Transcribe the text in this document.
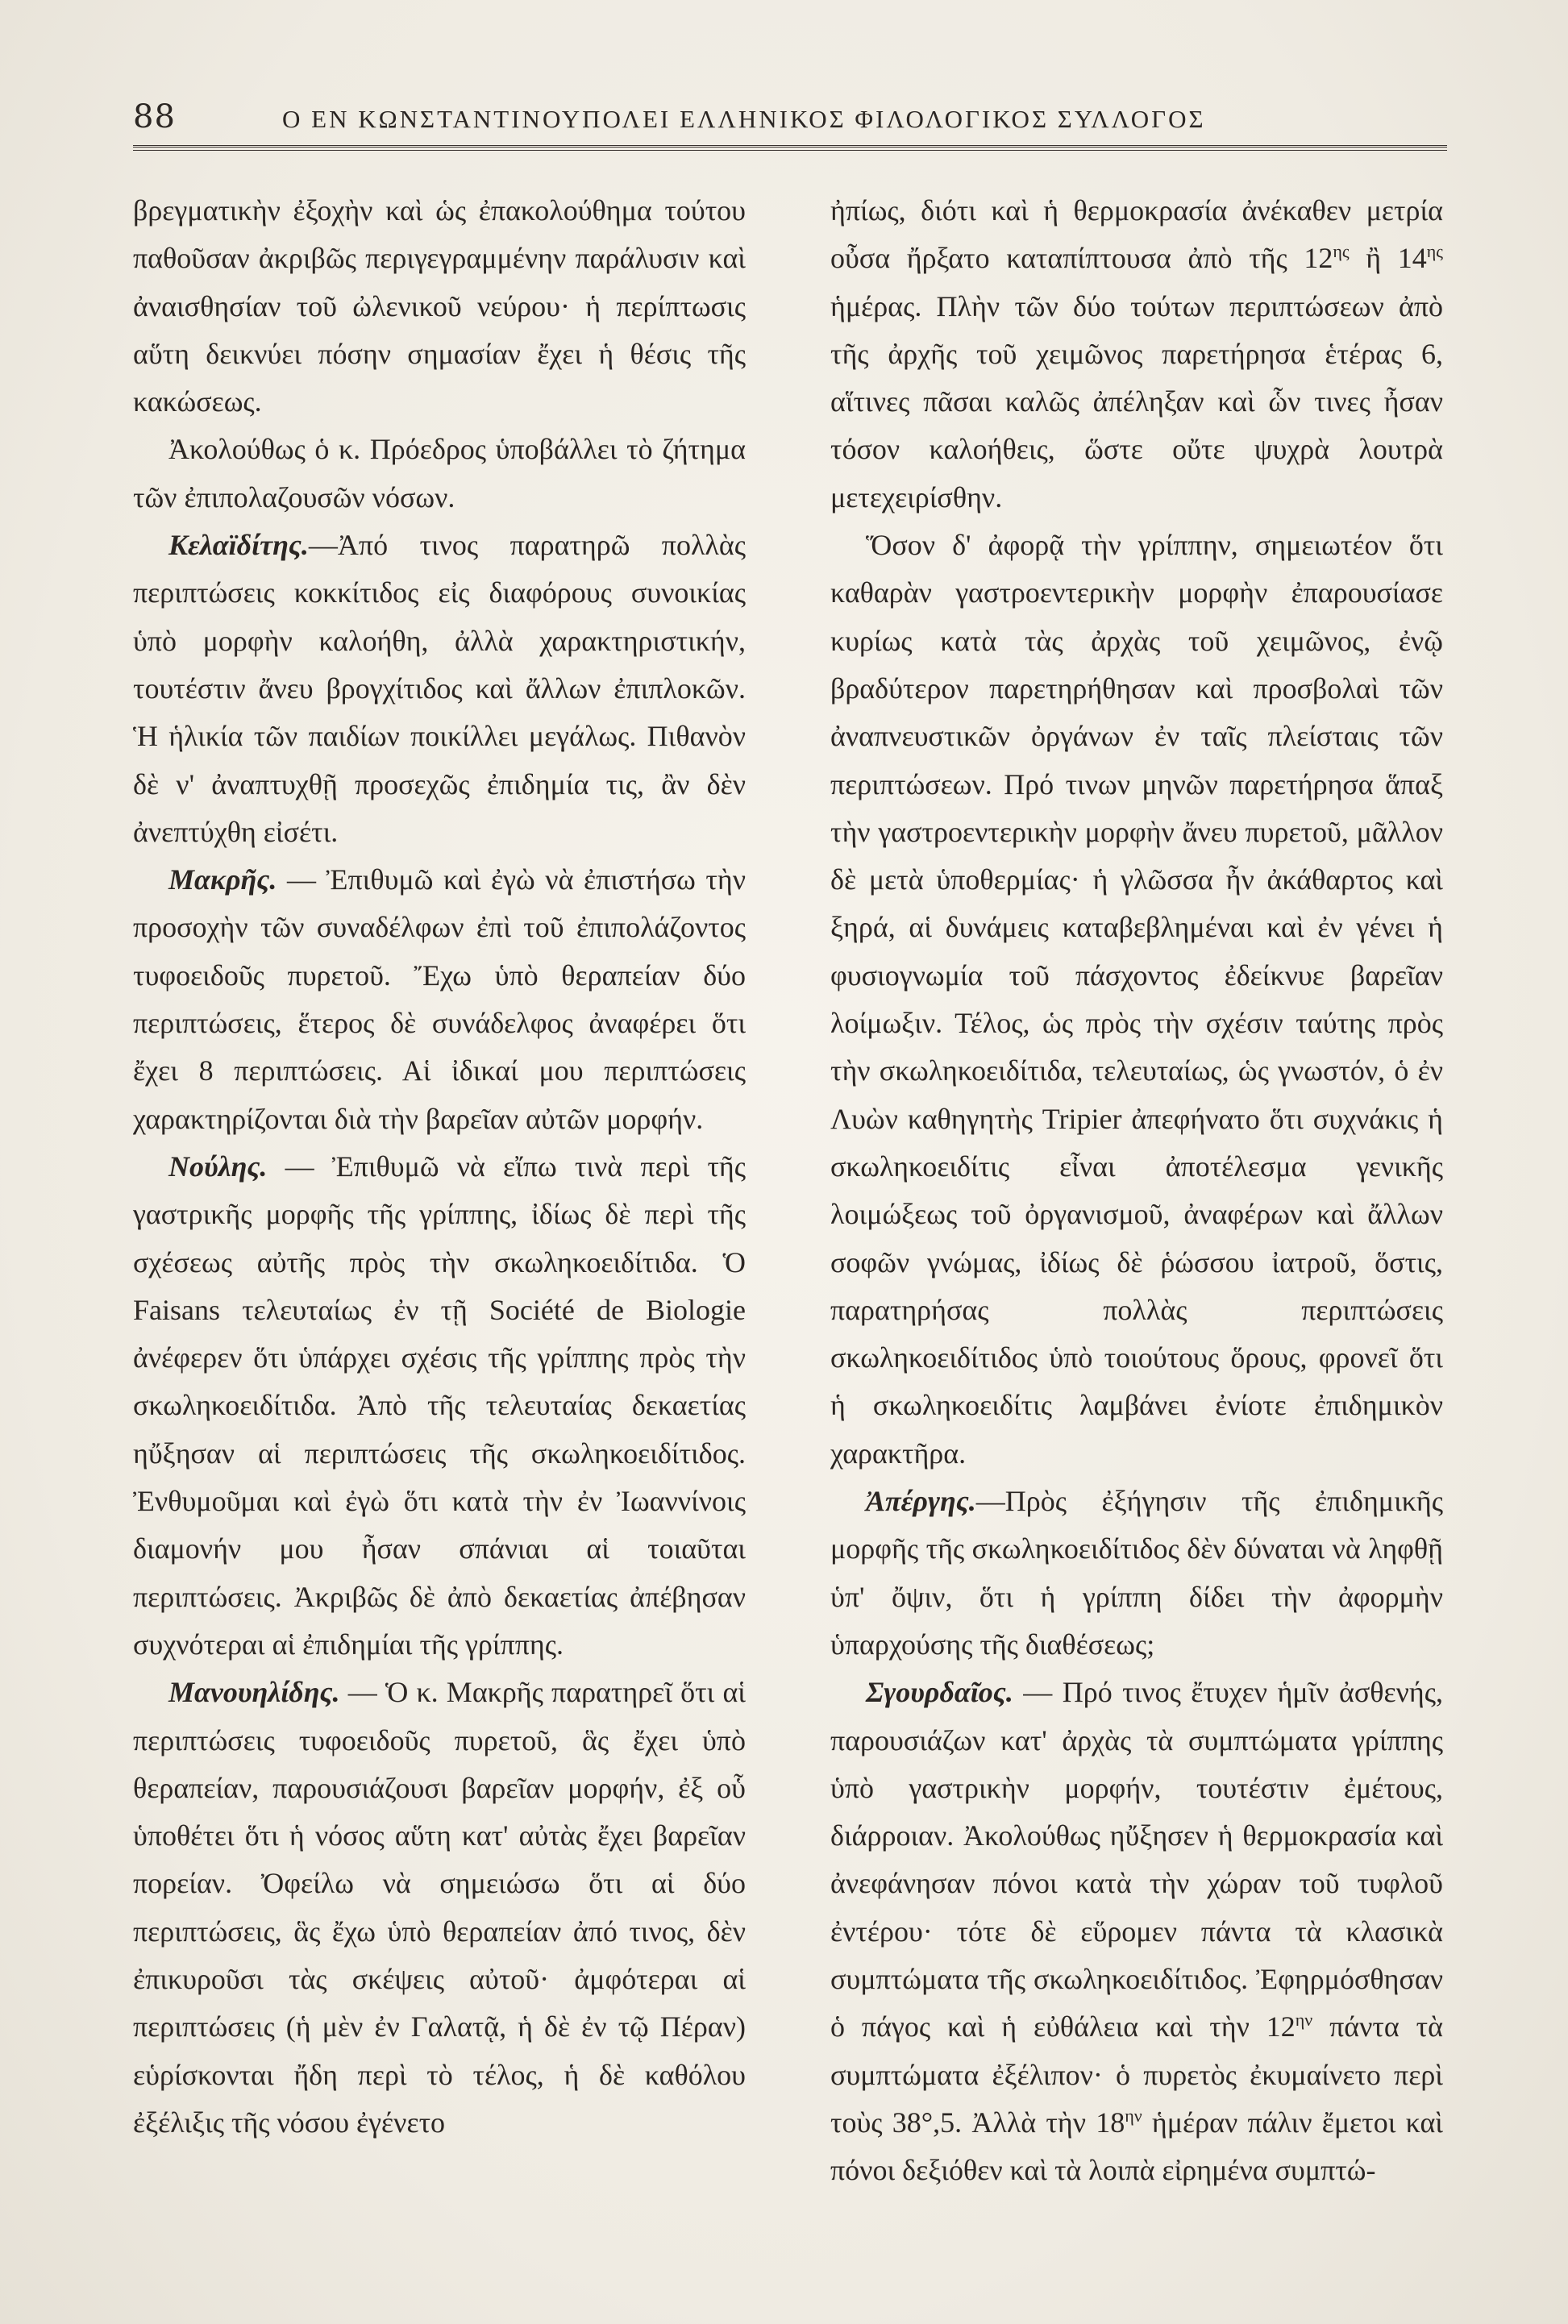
88	Ο ΕΝ ΚΩΝΣΤΑΝΤΙΝΟΥΠΟΛΕΙ ΕΛΛΗΝΙΚΟΣ ΦΙΛΟΛΟΓΙΚΟΣ ΣΥΛΛΟΓΟΣ

βρεγματικὴν ἐξοχὴν καὶ ὡς ἐπακολούθημα τούτου παθοῦσαν ἀκριβῶς περιγεγραμμένην παράλυσιν καὶ ἀναισθησίαν τοῦ ὠλενικοῦ νεύρου· ἡ περίπτωσις αὕτη δεικνύει πόσην σημασίαν ἔχει ἡ θέσις τῆς κακώσεως.

Ἀκολούθως ὁ κ. Πρόεδρος ὑποβάλλει τὸ ζήτημα τῶν ἐπιπολαζουσῶν νόσων.

Κελαϊδίτης.—Ἀπό τινος παρατηρῶ πολλὰς περιπτώσεις κοκκίτιδος εἰς διαφόρους συνοικίας ὑπὸ μορφὴν καλοήθη, ἀλλὰ χαρακτηριστικήν, τουτέστιν ἄνευ βρογχίτιδος καὶ ἄλλων ἐπιπλοκῶν. Ἡ ἡλικία τῶν παιδίων ποικίλλει μεγάλως. Πιθανὸν δὲ ν' ἀναπτυχθῇ προσεχῶς ἐπιδημία τις, ἂν δὲν ἀνεπτύχθη εἰσέτι.

Μακρῆς. — Ἐπιθυμῶ καὶ ἐγὼ νὰ ἐπιστήσω τὴν προσοχὴν τῶν συναδέλφων ἐπὶ τοῦ ἐπιπολάζοντος τυφοειδοῦς πυρετοῦ. Ἔχω ὑπὸ θεραπείαν δύο περιπτώσεις, ἕτερος δὲ συνάδελφος ἀναφέρει ὅτι ἔχει 8 περιπτώσεις. Αἱ ἰδικαί μου περιπτώσεις χαρακτηρίζονται διὰ τὴν βαρεῖαν αὐτῶν μορφήν.

Νούλης. — Ἐπιθυμῶ νὰ εἴπω τινὰ περὶ τῆς γαστρικῆς μορφῆς τῆς γρίππης, ἰδίως δὲ περὶ τῆς σχέσεως αὐτῆς πρὸς τὴν σκωληκοειδίτιδα. Ὁ Faisans τελευταίως ἐν τῇ Société de Biologie ἀνέφερεν ὅτι ὑπάρχει σχέσις τῆς γρίππης πρὸς τὴν σκωληκοειδίτιδα. Ἀπὸ τῆς τελευταίας δεκαετίας ηὔξησαν αἱ περιπτώσεις τῆς σκωληκοειδίτιδος. Ἐνθυμοῦμαι καὶ ἐγὼ ὅτι κατὰ τὴν ἐν Ἰωαννίνοις διαμονήν μου ἦσαν σπάνιαι αἱ τοιαῦται περιπτώσεις. Ἀκριβῶς δὲ ἀπὸ δεκαετίας ἀπέβησαν συχνότεραι αἱ ἐπιδημίαι τῆς γρίππης.

Μανουηλίδης. — Ὁ κ. Μακρῆς παρατηρεῖ ὅτι αἱ περιπτώσεις τυφοειδοῦς πυρετοῦ, ἃς ἔχει ὑπὸ θεραπείαν, παρουσιάζουσι βαρεῖαν μορφήν, ἐξ οὗ ὑποθέτει ὅτι ἡ νόσος αὕτη κατ' αὐτὰς ἔχει βαρεῖαν πορείαν. Ὀφείλω νὰ σημειώσω ὅτι αἱ δύο περιπτώσεις, ἃς ἔχω ὑπὸ θεραπείαν ἀπό τινος, δὲν ἐπικυροῦσι τὰς σκέψεις αὐτοῦ· ἀμφότεραι αἱ περιπτώσεις (ἡ μὲν ἐν Γαλατᾷ, ἡ δὲ ἐν τῷ Πέραν) εὑρίσκονται ἤδη περὶ τὸ τέλος, ἡ δὲ καθόλου ἐξέλιξις τῆς νόσου ἐγένετο

ἠπίως, διότι καὶ ἡ θερμοκρασία ἀνέκαθεν μετρία οὖσα ἤρξατο καταπίπτουσα ἀπὸ τῆς $12^{\eta\varsigma}$ ἢ $14^{\eta\varsigma}$ ἡμέρας. Πλὴν τῶν δύο τούτων περιπτώσεων ἀπὸ τῆς ἀρχῆς τοῦ χειμῶνος παρετήρησα ἑτέρας 6, αἵτινες πᾶσαι καλῶς ἀπέληξαν καὶ ὧν τινες ἦσαν τόσον καλοήθεις, ὥστε οὔτε ψυχρὰ λουτρὰ μετεχειρίσθην.

Ὅσον δ' ἀφορᾷ τὴν γρίππην, σημειωτέον ὅτι καθαρὰν γαστροεντερικὴν μορφὴν ἐπαρουσίασε κυρίως κατὰ τὰς ἀρχὰς τοῦ χειμῶνος, ἐνῷ βραδύτερον παρετηρήθησαν καὶ προσβολαὶ τῶν ἀναπνευστικῶν ὀργάνων ἐν ταῖς πλείσταις τῶν περιπτώσεων. Πρό τινων μηνῶν παρετήρησα ἅπαξ τὴν γαστροεντερικὴν μορφὴν ἄνευ πυρετοῦ, μᾶλλον δὲ μετὰ ὑποθερμίας· ἡ γλῶσσα ἦν ἀκάθαρτος καὶ ξηρά, αἱ δυνάμεις καταβεβλημέναι καὶ ἐν γένει ἡ φυσιογνωμία τοῦ πάσχοντος ἐδείκνυε βαρεῖαν λοίμωξιν. Τέλος, ὡς πρὸς τὴν σχέσιν ταύτης πρὸς τὴν σκωληκοειδίτιδα, τελευταίως, ὡς γνωστόν, ὁ ἐν Λυὼν καθηγητὴς Tripier ἀπεφήνατο ὅτι συχνάκις ἡ σκωληκοειδίτις εἶναι ἀποτέλεσμα γενικῆς λοιμώξεως τοῦ ὀργανισμοῦ, ἀναφέρων καὶ ἄλλων σοφῶν γνώμας, ἰδίως δὲ ῥώσσου ἰατροῦ, ὅστις, παρατηρήσας πολλὰς περιπτώσεις σκωληκοειδίτιδος ὑπὸ τοιούτους ὅρους, φρονεῖ ὅτι ἡ σκωληκοειδίτις λαμβάνει ἐνίοτε ἐπιδημικὸν χαρακτῆρα.

Ἀπέργης.—Πρὸς ἐξήγησιν τῆς ἐπιδημικῆς μορφῆς τῆς σκωληκοειδίτιδος δὲν δύναται νὰ ληφθῇ ὑπ' ὄψιν, ὅτι ἡ γρίππη δίδει τὴν ἀφορμὴν ὑπαρχούσης τῆς διαθέσεως;

Σγουρδαῖος. — Πρό τινος ἔτυχεν ἡμῖν ἀσθενής, παρουσιάζων κατ' ἀρχὰς τὰ συμπτώματα γρίππης ὑπὸ γαστρικὴν μορφήν, τουτέστιν ἐμέτους, διάρροιαν. Ἀκολούθως ηὔξησεν ἡ θερμοκρασία καὶ ἀνεφάνησαν πόνοι κατὰ τὴν χώραν τοῦ τυφλοῦ ἐντέρου· τότε δὲ εὕρομεν πάντα τὰ κλασικὰ συμπτώματα τῆς σκωληκοειδίτιδος. Ἐφηρμόσθησαν ὁ πάγος καὶ ἡ εὐθάλεια καὶ τὴν $12^{\eta\nu}$ πάντα τὰ συμπτώματα ἐξέλιπον· ὁ πυρετὸς ἐκυμαίνετο περὶ τοὺς 38°,5. Ἀλλὰ τὴν $18^{\eta\nu}$ ἡμέραν πάλιν ἔμετοι καὶ πόνοι δεξιόθεν καὶ τὰ λοιπὰ εἰρημένα συμπτώ-
